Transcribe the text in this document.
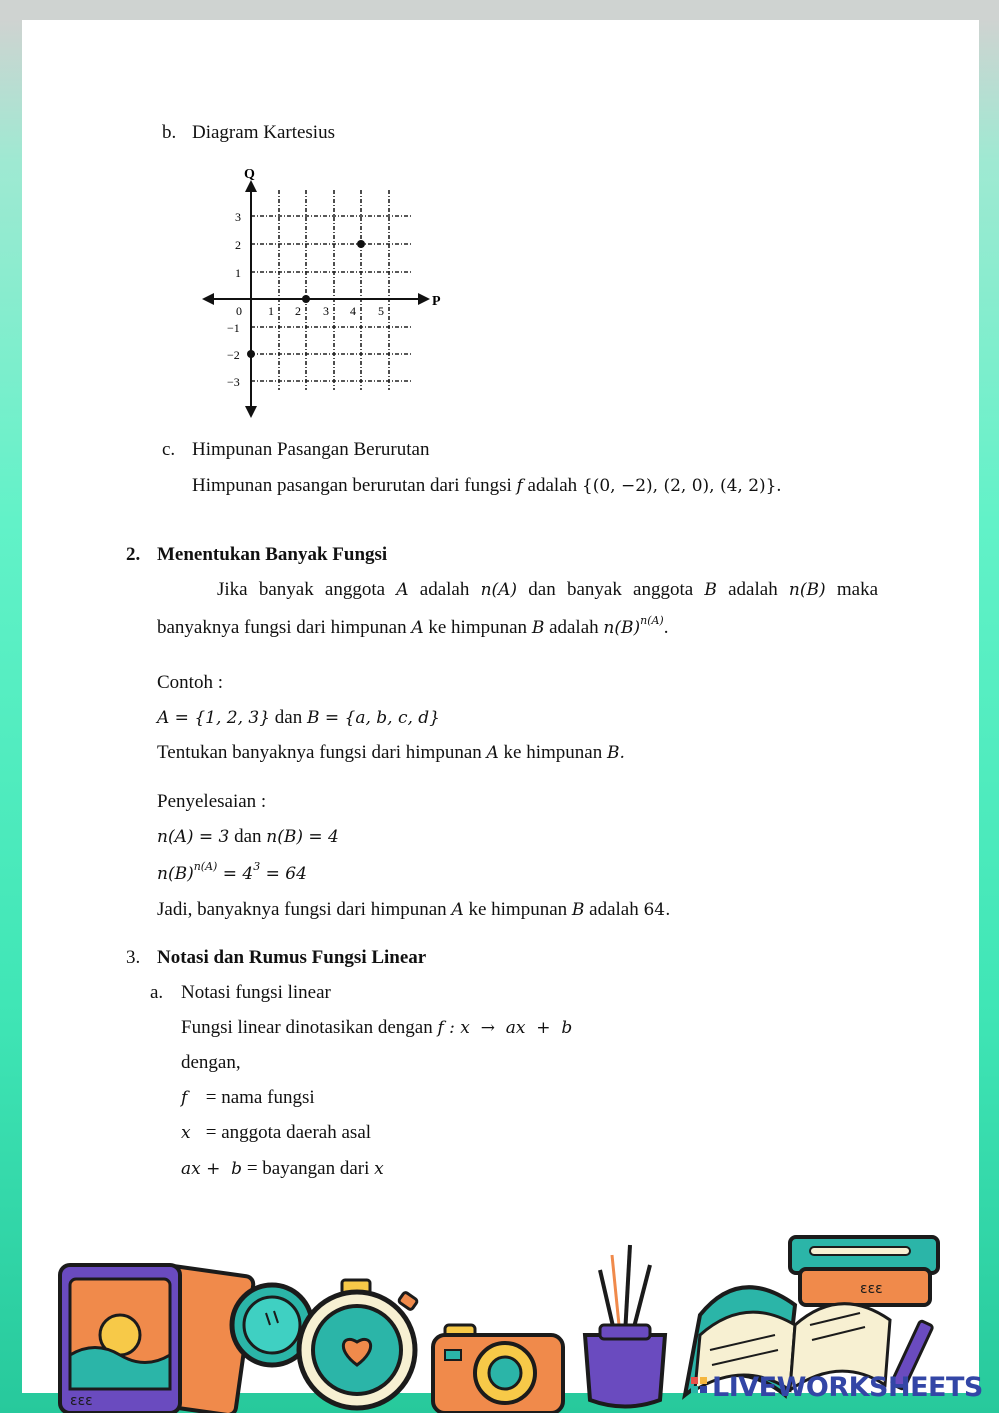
b. Diagram Kartesius
Q
P
0 1 2 3 4 5
3
2
1
−1
−2
−3
c. Himpunan Pasangan Berurutan
Himpunan pasangan berurutan dari fungsi f adalah {(0, −2), (2, 0), (4, 2)}.
2. Menentukan Banyak Fungsi
Jika banyak anggota A adalah n(A) dan banyak anggota B adalah n(B) maka
banyaknya fungsi dari himpunan A ke himpunan B adalah $n(B)^{n(A)}$.
Contoh :
A = {1, 2, 3} dan B = {a, b, c, d}
Tentukan banyaknya fungsi dari himpunan A ke himpunan B.
Penyelesaian :
n(A) = 3 dan n(B) = 4
$n(B)^{n(A)} = 4^3 = 64$
Jadi, banyaknya fungsi dari himpunan A ke himpunan B adalah 64.
3. Notasi dan Rumus Fungsi Linear
a. Notasi fungsi linear
Fungsi linear dinotasikan dengan f : x  →  ax  +  b
dengan,
f = nama fungsi
x = anggota daerah asal
ax +  b = bayangan dari x
ɛɛɛ
ɛɛɛ
LIVEWORKSHEETS
